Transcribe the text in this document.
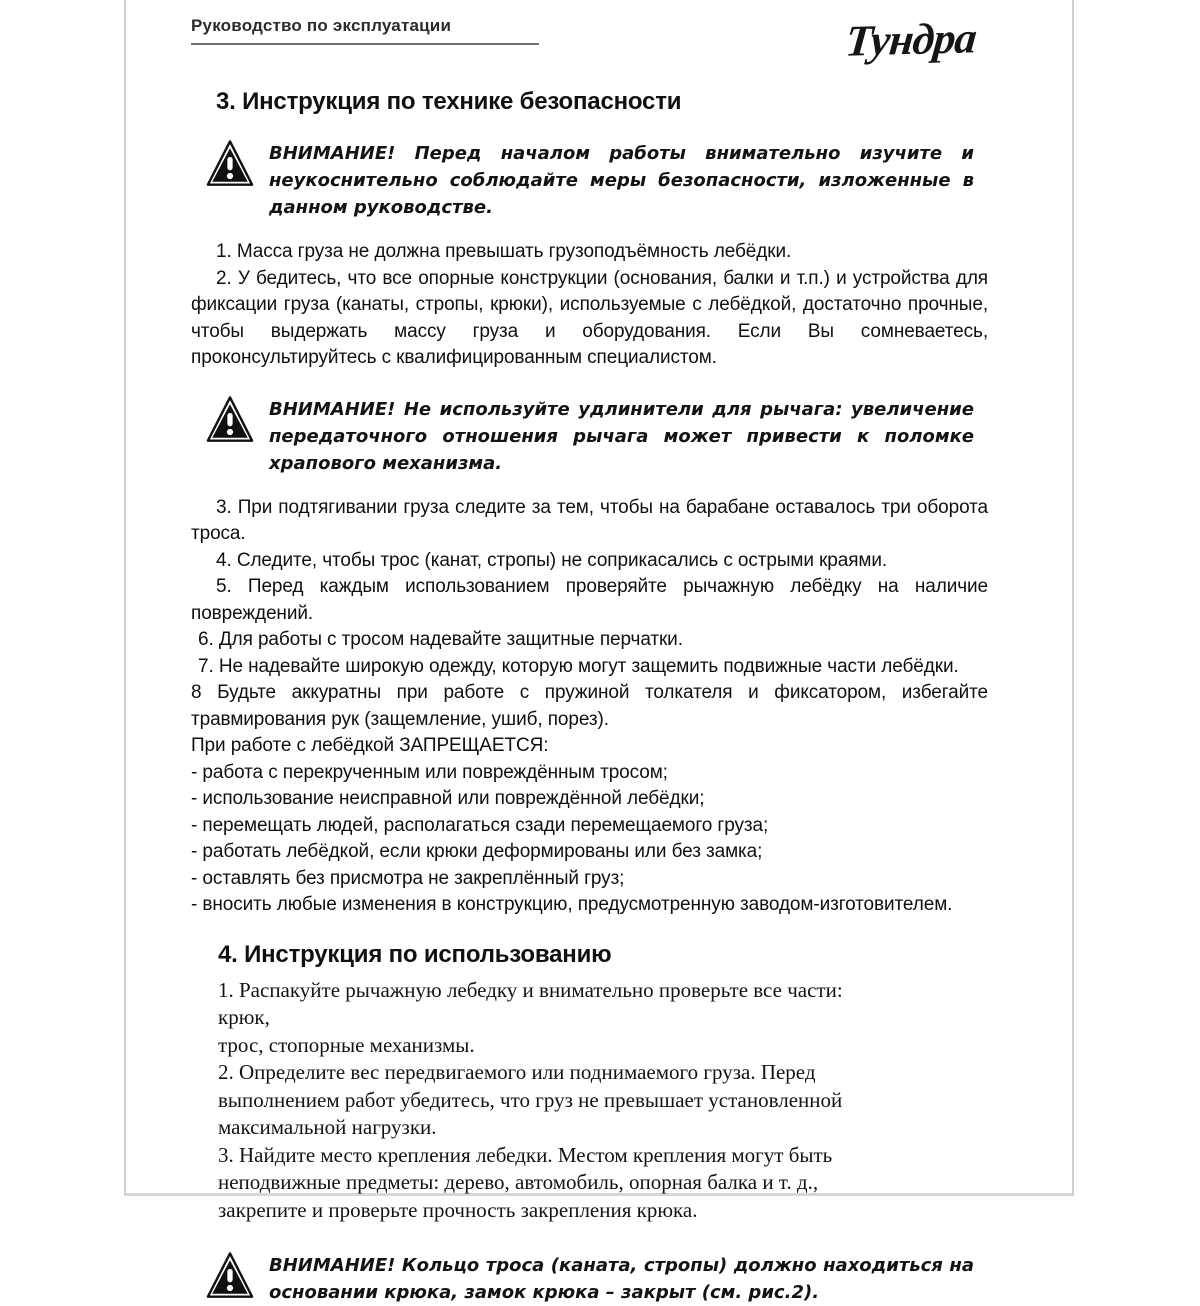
Руководство по эксплуатации	Тундра
3. Инструкция по технике безопасности

ВНИМАНИЕ! Перед началом работы внимательно изучите и неукоснительно соблюдайте меры безопасности, изложенные в данном руководстве.

1. Масса груза не должна превышать грузоподъёмность лебёдки.

2. У бедитесь, что все опорные конструкции (основания, балки и т.п.) и устройства для фиксации груза (канаты, стропы, крюки), используемые с лебёдкой, достаточно прочные, чтобы выдержать массу груза и оборудования. Если Вы сомневаетесь, проконсультируйтесь с квалифицированным специалистом.

ВНИМАНИЕ! Не используйте удлинители для рычага: увеличение передаточного отношения рычага может привести к поломке храпового механизма.

3. При подтягивании груза следите за тем, чтобы на барабане оставалось три оборота троса.

4. Следите, чтобы трос (канат, стропы) не соприкасались с острыми краями.

5. Перед каждым использованием проверяйте рычажную лебёдку на наличие повреждений.

6. Для работы с тросом надевайте защитные перчатки.

7. Не надевайте широкую одежду, которую могут защемить подвижные части лебёдки.

8 Будьте аккуратны при работе с пружиной толкателя и фиксатором, избегайте травмирования рук (защемление, ушиб, порез).

При работе с лебёдкой ЗАПРЕЩАЕТСЯ:

- работа с перекрученным или повреждённым тросом;

- использование неисправной или повреждённой лебёдки;

- перемещать людей, располагаться сзади перемещаемого груза;

- работать лебёдкой, если крюки деформированы или без замка;

- оставлять без присмотра не закреплённый груз;

- вносить любые изменения в конструкцию, предусмотренную заводом-изготовителем.

4. Инструкция по использованию
1. Распакуйте рычажную лебедку и внимательно проверьте все части:
крюк,
трос, стопорные механизмы.
2. Определите вес передвигаемого или поднимаемого груза. Перед
выполнением работ убедитесь, что груз не превышает установленной
максимальной нагрузки.
3. Найдите место крепления лебедки. Местом крепления могут быть
неподвижные предметы: дерево, автомобиль, опорная балка и т. д.,
закрепите и проверьте прочность закрепления крюка.

ВНИМАНИЕ! Кольцо троса (каната, стропы) должно находиться на основании крюка, замок крюка – закрыт (см. рис.2).
